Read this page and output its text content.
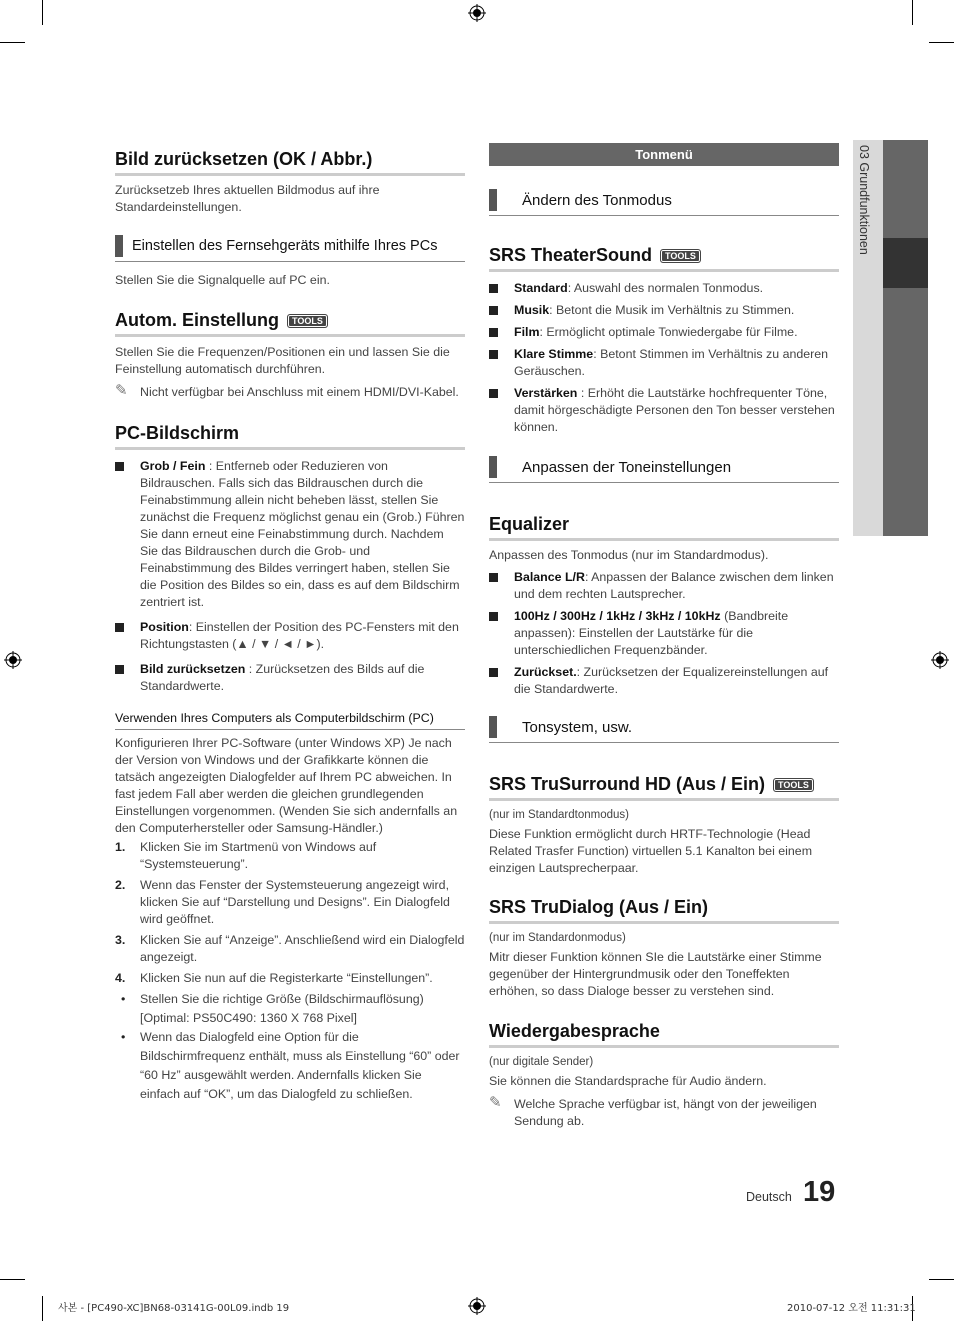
03 Grundfunktionen
Bild zurücksetzen (OK / Abbr.)

Zurücksetzeb Ihres aktuellen Bildmodus auf ihre Standardeinstellungen.

Einstellen des Fernsehgeräts mithilfe Ihres PCs

Stellen Sie die Signalquelle auf PC ein.

Autom. Einstellung TOOLS

Stellen Sie die Frequenzen/Positionen ein und lassen Sie die Feinstellung automatisch durchführen.

✎ Nicht verfügbar bei Anschluss mit einem HDMI/DVI-Kabel.
PC-Bildschirm
Grob / Fein : Entferneb oder Reduzieren von Bildrauschen. Falls sich das Bildrauschen durch die Feinabstimmung allein nicht beheben lässt, stellen Sie zunächst die Frequenz möglichst genau ein (Grob.) Führen Sie dann erneut eine Feinabstimmung durch. Nachdem Sie das Bildrauschen durch die Grob- und Feinabstimmung des Bildes verringert haben, stellen Sie die Position des Bildes so ein, dass es auf dem Bildschirm zentriert ist.
Position: Einstellen der Position des PC-Fensters mit den Richtungstasten (▲ / ▼ / ◄ / ►).
Bild zurücksetzen : Zurücksetzen des Bilds auf die Standardwerte.
Verwenden Ihres Computers als Computerbildschirm (PC)

Konfigurieren Ihrer PC-Software (unter Windows XP) Je nach der Version von Windows und der Grafikkarte können die tatsäch angezeigten Dialogfelder auf Ihrem PC abweichen. In fast jedem Fall aber werden die gleichen grundlegenden Einstellungen vorgenommen. (Wenden Sie sich andernfalls an den Computerhersteller oder Samsung-Händler.)

1. Klicken Sie im Startmenü von Windows auf “Systemsteuerung”.
2. Wenn das Fenster der Systemsteuerung angezeigt wird, klicken Sie auf “Darstellung und Designs”. Ein Dialogfeld wird geöffnet.
3. Klicken Sie auf “Anzeige”. Anschließend wird ein Dialogfeld angezeigt.
4. Klicken Sie nun auf die Registerkarte “Einstellungen”.
• Stellen Sie die richtige Größe (Bildschirmauflösung) [Optimal: PS50C490: 1360 X 768 Pixel]
• Wenn das Dialogfeld eine Option für die Bildschirmfrequenz enthält, muss als Einstellung “60” oder “60 Hz” ausgewählt werden. Andernfalls klicken Sie einfach auf “OK”, um das Dialogfeld zu schließen.
Tonmenü
Ändern des Tonmodus
SRS TheaterSound TOOLS
Standard: Auswahl des normalen Tonmodus.
Musik: Betont die Musik im Verhältnis zu Stimmen.
Film: Ermöglicht optimale Tonwiedergabe für Filme.
Klare Stimme: Betont Stimmen im Verhältnis zu anderen Geräuschen.
Verstärken : Erhöht die Lautstärke hochfrequenter Töne, damit hörgeschädigte Personen den Ton besser verstehen können.
Anpassen der Toneinstellungen
Equalizer

Anpassen des Tonmodus (nur im Standardmodus).

Balance L/R: Anpassen der Balance zwischen dem linken und dem rechten Lautsprecher.
100Hz / 300Hz / 1kHz / 3kHz / 10kHz (Bandbreite anpassen): Einstellen der Lautstärke für die unterschiedlichen Frequenzbänder.
Zurückset.: Zurücksetzen der Equalizereinstellungen auf die Standardwerte.
Tonsystem, usw.
SRS TruSurround HD (Aus / Ein) TOOLS

(nur im Standardtonmodus)

Diese Funktion ermöglicht durch HRTF-Technologie (Head Related Trasfer Function) virtuellen 5.1 Kanalton bei einem einzigen Lautsprecherpaar.

SRS TruDialog (Aus / Ein)

(nur im Standardonmodus)

Mitr dieser Funktion können SIe die Lautstärke einer Stimme gegenüber der Hintergrundmusik oder den Toneffekten erhöhen, so dass Dialoge besser zu verstehen sind.

Wiedergabesprache

(nur digitale Sender)

Sie können die Standardsprache für Audio ändern.

✎ Welche Sprache verfügbar ist, hängt von der jeweiligen Sendung ab.
Deutsch 19
사본 - [PC490-XC]BN68-03141G-00L09.indb 19	2010-07-12 오전 11:31:31
